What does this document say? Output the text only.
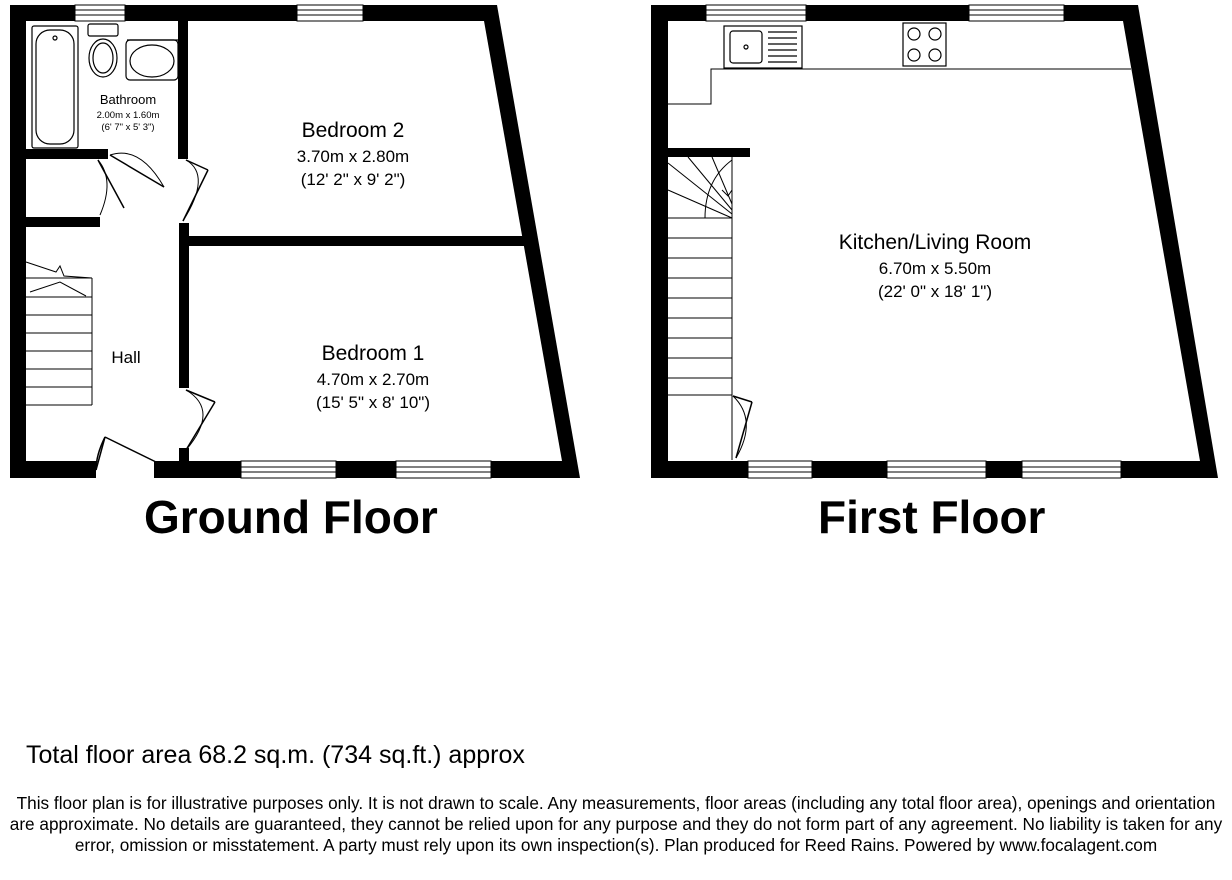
Bathroom
2.00m x 1.60m
(6' 7" x 5' 3")	Bedroom 2
3.70m x 2.80m
(12' 2" x 9' 2")
Bedroom 1
4.70m x 2.70m
(15' 5" x 8' 10")
Hall
Kitchen/Living Room
6.70m x 5.50m
(22' 0" x 18' 1")
Ground Floor	First Floor
Total floor area 68.2 sq.m. (734 sq.ft.) approx
This floor plan is for illustrative purposes only. It is not drawn to scale. Any measurements, floor areas (including any total floor area), openings and orientation are approximate. No details are guaranteed, they cannot be relied upon for any purpose and they do not form part of any agreement. No liability is taken for any error, omission or misstatement. A party must rely upon its own inspection(s). Plan produced for Reed Rains. Powered by www.focalagent.com
